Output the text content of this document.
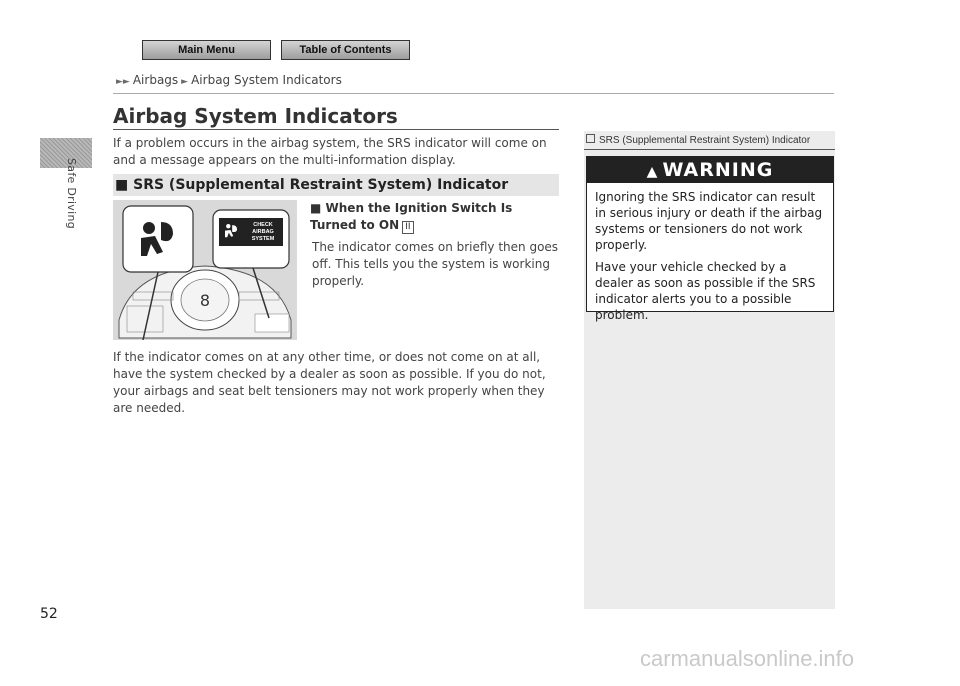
Main Menu	Table of Contents
►► Airbags ► Airbag System Indicators
Safe Driving
Airbag System Indicators

If a problem occurs in the airbag system, the SRS indicator will come on and a message appears on the multi-information display.

■ SRS (Supplemental Restraint System) Indicator
8
CHECK
AIRBAG
SYSTEM
■ When the Ignition Switch Is Turned to ON II

The indicator comes on briefly then goes off. This tells you the system is working properly.

If the indicator comes on at any other time, or does not come on at all, have the system checked by a dealer as soon as possible. If you do not, your airbags and seat belt tensioners may not work properly when they are needed.

SRS (Supplemental Restraint System) Indicator
▲ WARNING

Ignoring the SRS indicator can result in serious injury or death if the airbag systems or tensioners do not work properly.

Have your vehicle checked by a dealer as soon as possible if the SRS indicator alerts you to a possible problem.

52
carmanualsonline.info
